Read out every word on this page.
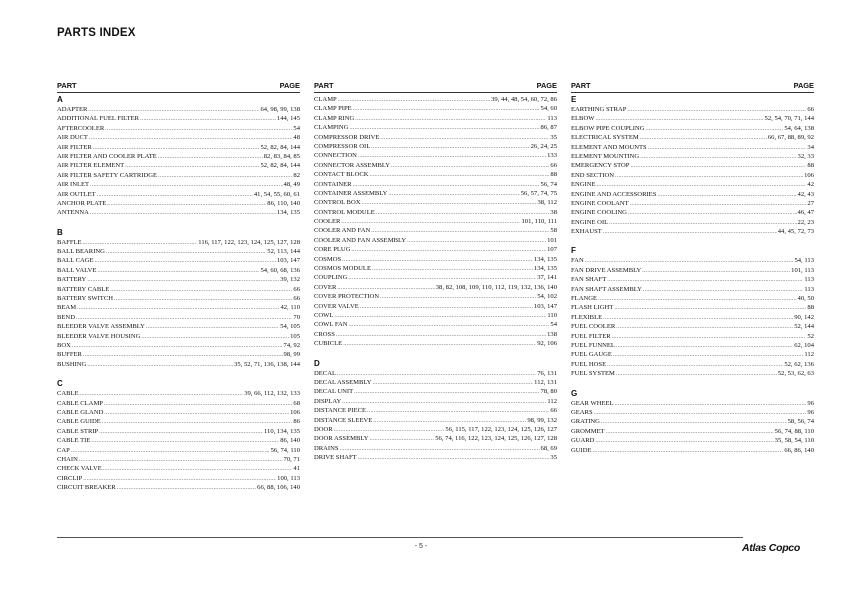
PARTS INDEX
PART	PAGE
A
ADAPTER .....	64, 98, 99, 138
ADDITIONAL FUEL FILTER .....	144, 145
AFTERCOOLER .....	54
AIR DUCT .....	48
AIR FILTER .....	52, 82, 84, 144
AIR FILTER AND COOLER PLATE .....	82, 83, 84, 85
AIR FILTER ELEMENT .....	52, 82, 84, 144
AIR FILTER SAFETY CARTRIDGE .....	82
AIR INLET .....	48, 49
AIR OUTLET .....	41, 54, 55, 60, 61
ANCHOR PLATE .....	86, 110, 140
ANTENNA .....	134, 135
B
BAFFLE .....	116, 117, 122, 123, 124, 125, 127, 128
BALL BEARING .....	52, 113, 144
BALL CAGE .....	103, 147
BALL VALVE .....	54, 60, 68, 136
BATTERY .....	39, 132
BATTERY CABLE .....	66
BATTERY SWITCH .....	66
BEAM .....	42, 110
BEND .....	70
BLEEDER VALVE ASSEMBLY .....	54, 105
BLEEDER VALVE HOUSING .....	105
BOX .....	74, 92
BUFFER .....	98, 99
BUSHING .....	35, 52, 71, 136, 138, 144
C
CABLE .....	39, 66, 112, 132, 133
CABLE CLAMP .....	68
CABLE GLAND .....	106
CABLE GUIDE .....	86
CABLE STRIP .....	110, 134, 135
CABLE TIE .....	86, 140
CAP .....	56, 74, 110
CHAIN .....	70, 71
CHECK VALVE .....	41
CIRCLIP .....	100, 113
CIRCUIT BREAKER .....	66, 88, 106, 140
PART	PAGE
CLAMP .....	39, 44, 48, 54, 60, 72, 86
CLAMP PIPE .....	54, 60
CLAMP RING .....	113
CLAMPING .....	86, 87
COMPRESSOR DRIVE .....	35
COMPRESSOR OIL .....	26, 24, 25
CONNECTION .....	133
CONNECTOR ASSEMBLY .....	66
CONTACT BLOCK .....	88
CONTAINER .....	56, 74
CONTAINER ASSEMBLY .....	56, 57, 74, 75
CONTROL BOX .....	38, 112
CONTROL MODULE .....	38
COOLER .....	101, 110, 111
COOLER AND FAN .....	58
COOLER AND FAN ASSEMBLY .....	101
CORE PLUG .....	107
COSMOS .....	134, 135
COSMOS MODULE .....	134, 135
COUPLING .....	37, 141
COVER .....	38, 82, 108, 109, 110, 112, 119, 132, 136, 140
COVER PROTECTION .....	54, 102
COVER VALVE .....	103, 147
COWL .....	110
COWL FAN .....	54
CROSS .....	138
CUBICLE .....	92, 106
D
DECAL .....	76, 131
DECAL ASSEMBLY .....	112, 131
DECAL UNIT .....	78, 80
DISPLAY .....	112
DISTANCE PIECE .....	66
DISTANCE SLEEVE .....	98, 99, 132
DOOR .....	56, 115, 117, 122, 123, 124, 125, 126, 127
DOOR ASSEMBLY .....	56, 74, 116, 122, 123, 124, 125, 126, 127, 128
DRAINS .....	68, 69
DRIVE SHAFT .....	35
PART	PAGE
E
EARTHING STRAP .....	66
ELBOW .....	52, 54, 70, 71, 144
ELBOW PIPE COUPLING .....	54, 64, 138
ELECTRICAL SYSTEM .....	66, 67, 88, 89, 92
ELEMENT AND MOUNTS .....	34
ELEMENT MOUNTING .....	32, 33
EMERGENCY STOP .....	88
END SECTION .....	106
ENGINE .....	42
ENGINE AND ACCESSORIES .....	42, 43
ENGINE COOLANT .....	27
ENGINE COOLING .....	46, 47
ENGINE OIL .....	22, 23
EXHAUST .....	44, 45, 72, 73
F
FAN .....	54, 113
FAN DRIVE ASSEMBLY .....	101, 113
FAN SHAFT .....	113
FAN SHAFT ASSEMBLY .....	113
FLANGE .....	40, 50
FLASH LIGHT .....	88
FLEXIBLE .....	90, 142
FUEL COOLER .....	52, 144
FUEL FILTER .....	52
FUEL FUNNEL .....	62, 104
FUEL GAUGE .....	112
FUEL HOSE .....	52, 62, 136
FUEL SYSTEM .....	52, 53, 62, 63
G
GEAR WHEEL .....	96
GEARS .....	96
GRATING .....	58, 56, 74
GROMMET .....	56, 74, 88, 110
GUARD .....	35, 58, 54, 110
GUIDE .....	66, 86, 140
- 5 -	Atlas Copco
